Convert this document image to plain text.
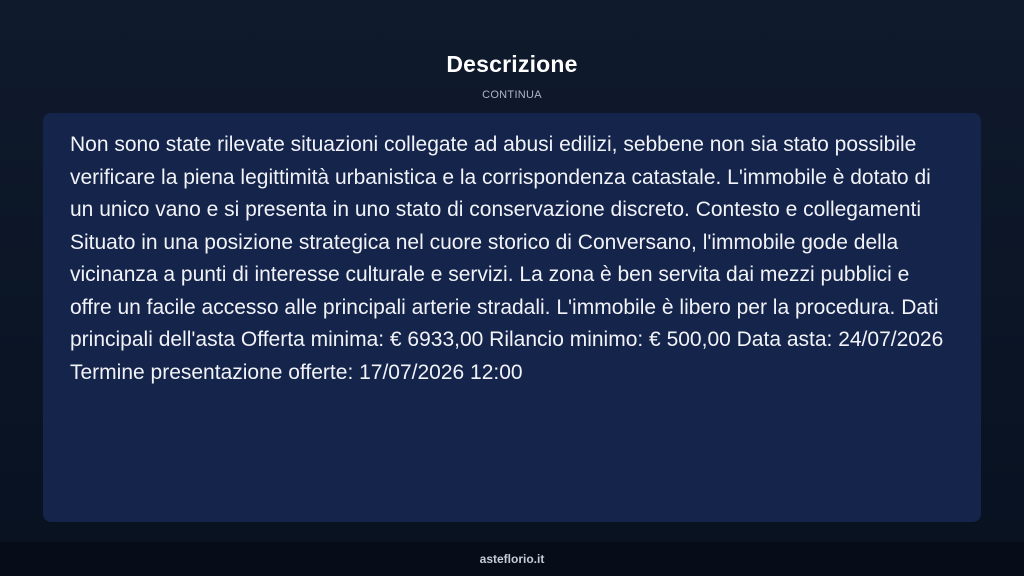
Descrizione
CONTINUA

Non sono state rilevate situazioni collegate ad abusi edilizi, sebbene non sia stato possibile verificare la piena legittimità urbanistica e la corrispondenza catastale. L'immobile è dotato di un unico vano e si presenta in uno stato di conservazione discreto. Contesto e collegamenti Situato in una posizione strategica nel cuore storico di Conversano, l'immobile gode della vicinanza a punti di interesse culturale e servizi. La zona è ben servita dai mezzi pubblici e offre un facile accesso alle principali arterie stradali. L'immobile è libero per la procedura. Dati principali dell'asta Offerta minima: € 6933,00 Rilancio minimo: € 500,00 Data asta: 24/07/2026 Termine presentazione offerte: 17/07/2026 12:00

asteflorio.it
